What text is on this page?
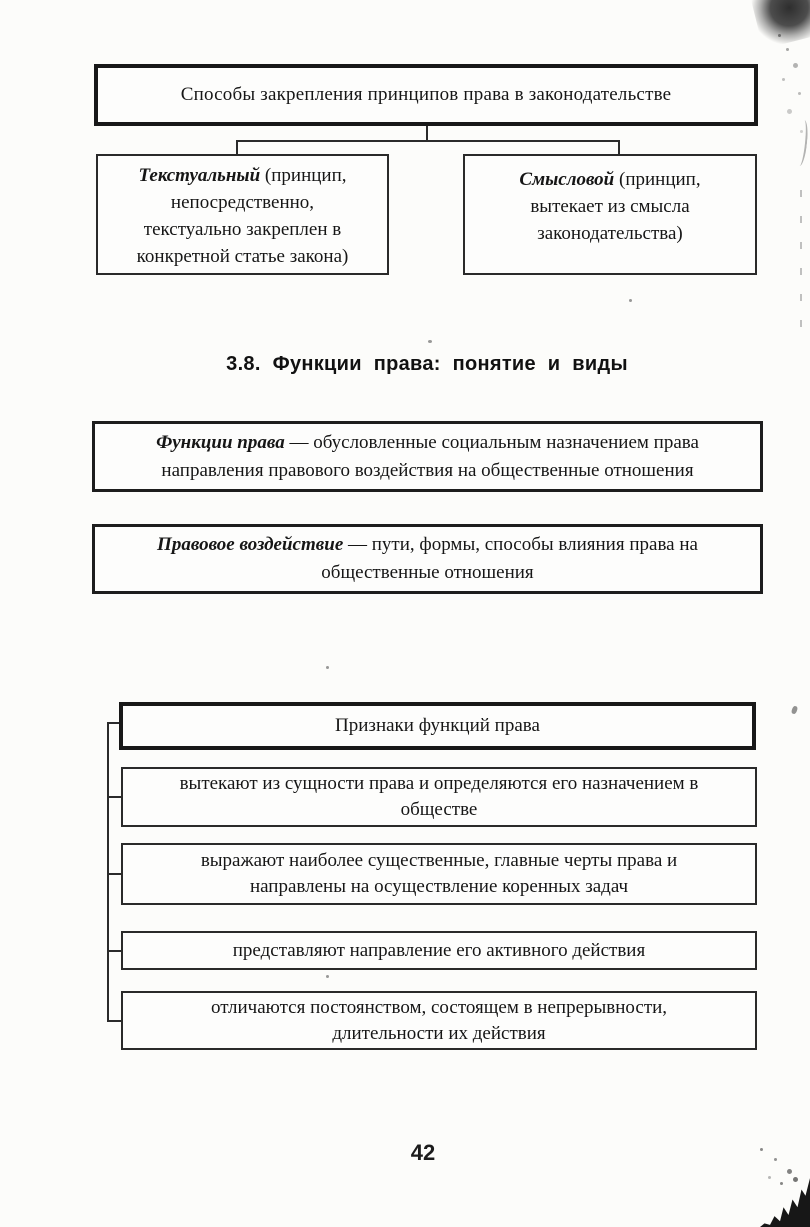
Способы закрепления принципов права в законодательстве
Текстуальный (принцип, непосредственно, текстуально закреплен в конкретной статье закона)
Смысловой (принцип, вытекает из смысла законодательства)
3.8. Функции права: понятие и виды
Функции права — обусловленные социальным назначением права направления правового воздействия на общественные отношения
Правовое воздействие — пути, формы, способы влияния права на общественные отношения
Признаки функций права
вытекают из сущности права и определяются его назначением в обществе
выражают наиболее существенные, главные черты права и направлены на осуществление коренных задач
представляют направление его активного действия
отличаются постоянством, состоящем в непрерывности, длительности их действия
42
